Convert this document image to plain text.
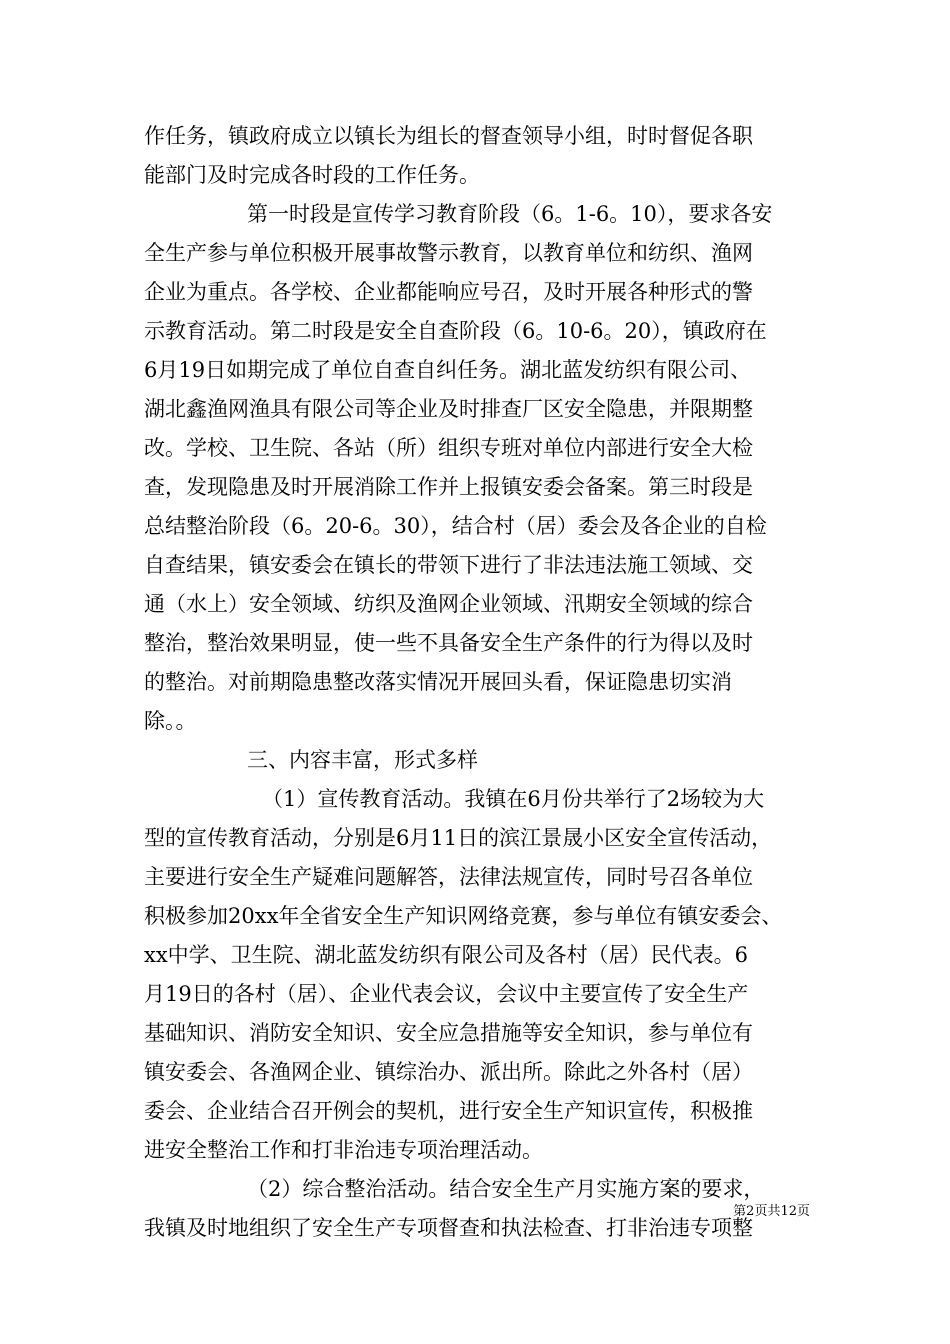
作任务，镇政府成立以镇长为组长的督查领导小组，时时督促各职
能部门及时完成各时段的工作任务。
第一时段是宣传学习教育阶段（6。1-6。10），要求各安
全生产参与单位积极开展事故警示教育，以教育单位和纺织、渔网
企业为重点。各学校、企业都能响应号召，及时开展各种形式的警
示教育活动。第二时段是安全自查阶段（6。10-6。20），镇政府在
6月19日如期完成了单位自查自纠任务。湖北蓝发纺织有限公司、
湖北鑫渔网渔具有限公司等企业及时排查厂区安全隐患，并限期整
改。学校、卫生院、各站（所）组织专班对单位内部进行安全大检
查，发现隐患及时开展消除工作并上报镇安委会备案。第三时段是
总结整治阶段（6。20-6。30），结合村（居）委会及各企业的自检
自查结果，镇安委会在镇长的带领下进行了非法违法施工领域、交
通（水上）安全领域、纺织及渔网企业领域、汛期安全领域的综合
整治，整治效果明显，使一些不具备安全生产条件的行为得以及时
的整治。对前期隐患整改落实情况开展回头看，保证隐患切实消
除。。
三、内容丰富，形式多样
（1）宣传教育活动。我镇在6月份共举行了2场较为大
型的宣传教育活动，分别是6月11日的滨江景晟小区安全宣传活动，
主要进行安全生产疑难问题解答，法律法规宣传，同时号召各单位
积极参加20xx年全省安全生产知识网络竞赛，参与单位有镇安委会、
xx中学、卫生院、湖北蓝发纺织有限公司及各村（居）民代表。6
月19日的各村（居）、企业代表会议，会议中主要宣传了安全生产
基础知识、消防安全知识、安全应急措施等安全知识，参与单位有
镇安委会、各渔网企业、镇综治办、派出所。除此之外各村（居）
委会、企业结合召开例会的契机，进行安全生产知识宣传，积极推
进安全整治工作和打非治违专项治理活动。
（2）综合整治活动。结合安全生产月实施方案的要求，
我镇及时地组织了安全生产专项督查和执法检查、打非治违专项整
第2页共12页
